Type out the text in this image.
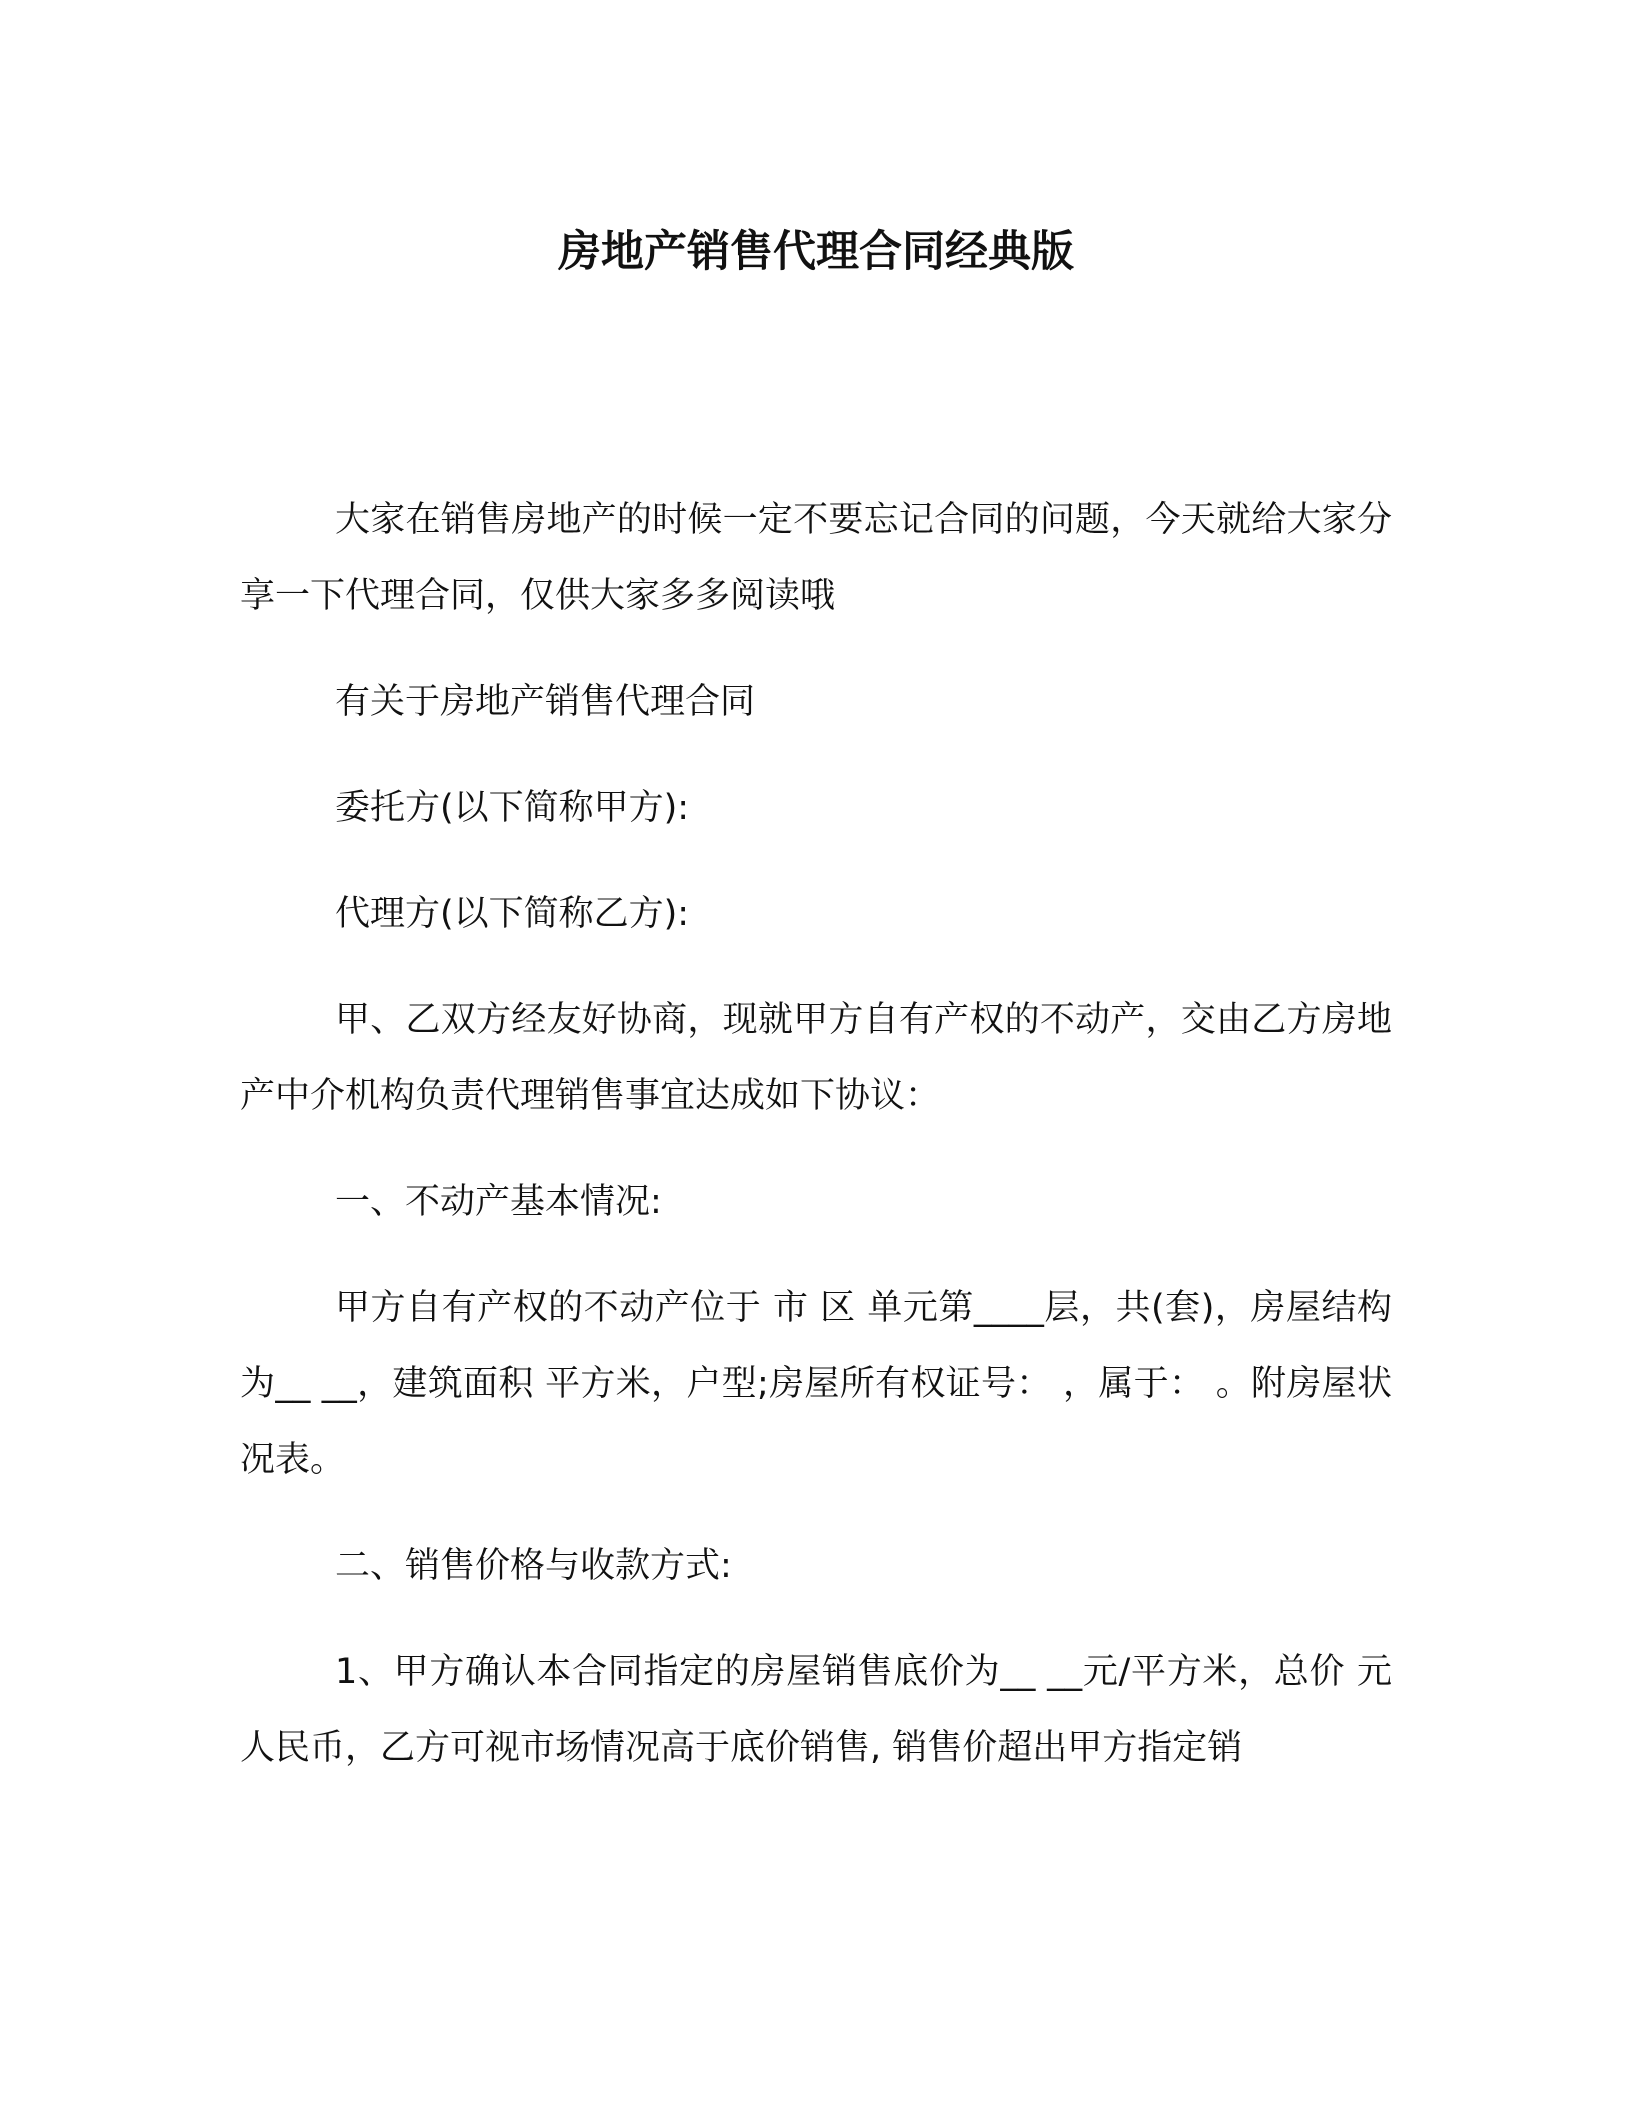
房地产销售代理合同经典版

大家在销售房地产的时候一定不要忘记合同的问题，今天就给大家分享一下代理合同，仅供大家多多阅读哦

有关于房地产销售代理合同

委托方(以下简称甲方):

代理方(以下简称乙方):

甲、乙双方经友好协商，现就甲方自有产权的不动产，交由乙方房地产中介机构负责代理销售事宜达成如下协议：

一、不动产基本情况:

甲方自有产权的不动产位于 市 区 单元第____层，共(套)，房屋结构为__ __，建筑面积 平方米，户型;房屋所有权证号： ，属于： 。附房屋状况表。

二、销售价格与收款方式:

1、甲方确认本合同指定的房屋销售底价为__ __元/平方米，总价 元人民币，乙方可视市场情况高于底价销售, 销售价超出甲方指定销
